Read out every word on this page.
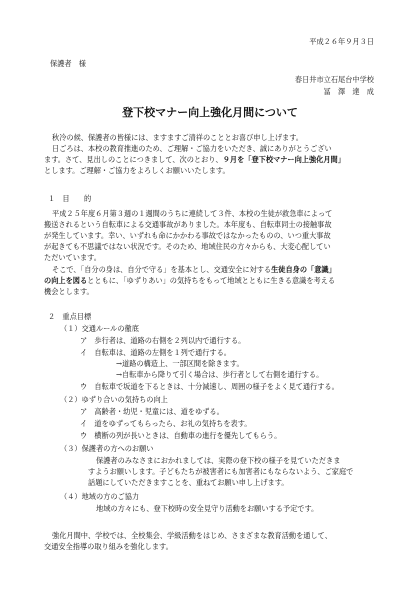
平成２６年９月３日
保護者　様
春日井市立石尾台中学校
冨　澤　達　成
登下校マナー向上強化月間について
秋冷の候、保護者の皆様には、ますますご清祥のこととお喜び申し上げます。
日ごろは、本校の教育推進のため、ご理解・ご協力をいただき、誠にありがとうござい
ます。さて、見出しのことにつきまして、次のとおり、９月を「登下校マナー向上強化月間」
とします。ご理解・ご協力をよろしくお願いいたします。
１　目　　的
平成２５年度６月第３週の１週間のうちに連続して３件、本校の生徒が救急車によって
搬送されるという自転車による交通事故がありました。本年度も、自転車同士の接触事故
が発生しています。幸い、いずれも命にかかわる事故ではなかったものの、いつ重大事故
が起きても不思議ではない状況です。そのため、地域住民の方々からも、大変心配してい
ただいています。
そこで、「自分の身は、自分で守る」を基本とし、交通安全に対する生徒自身の「意識」
の向上を図るとともに、「ゆずりあい」の気持ちをもって地域とともに生きる意識を考える
機会とします。
２　重点目標
（１）交通ルールの徹底
ア　歩行者は、道路の右側を２列以内で通行する。
イ　自転車は、道路の左側を１列で通行する。
→道路の構造上、一部区間を除きます。
→自転車から降りて引く場合は、歩行者として右側を通行する。
ウ　自転車で坂道を下るときは、十分減速し、周囲の様子をよく見て通行する。
（２）ゆずり合いの気持ちの向上
ア　高齢者・幼児・児童には、道をゆずる。
イ　道をゆずってもらったら、お礼の気持ちを表す。
ウ　横断の列が長いときは、自動車の進行を優先してもらう。
（３）保護者の方へのお願い
保護者のみなさまにおかれましては、実際の登下校の様子を見ていただきま
すようお願いします。子どもたちが被害者にも加害者にもならないよう、ご家庭で
話題にしていただきますことを、重ねてお願い申し上げます。
（４）地域の方のご協力
地域の方々にも、登下校時の安全見守り活動をお願いする予定です。
強化月間中、学校では、全校集会、学級活動をはじめ、さまざまな教育活動を通して、
交通安全指導の取り組みを強化します。
